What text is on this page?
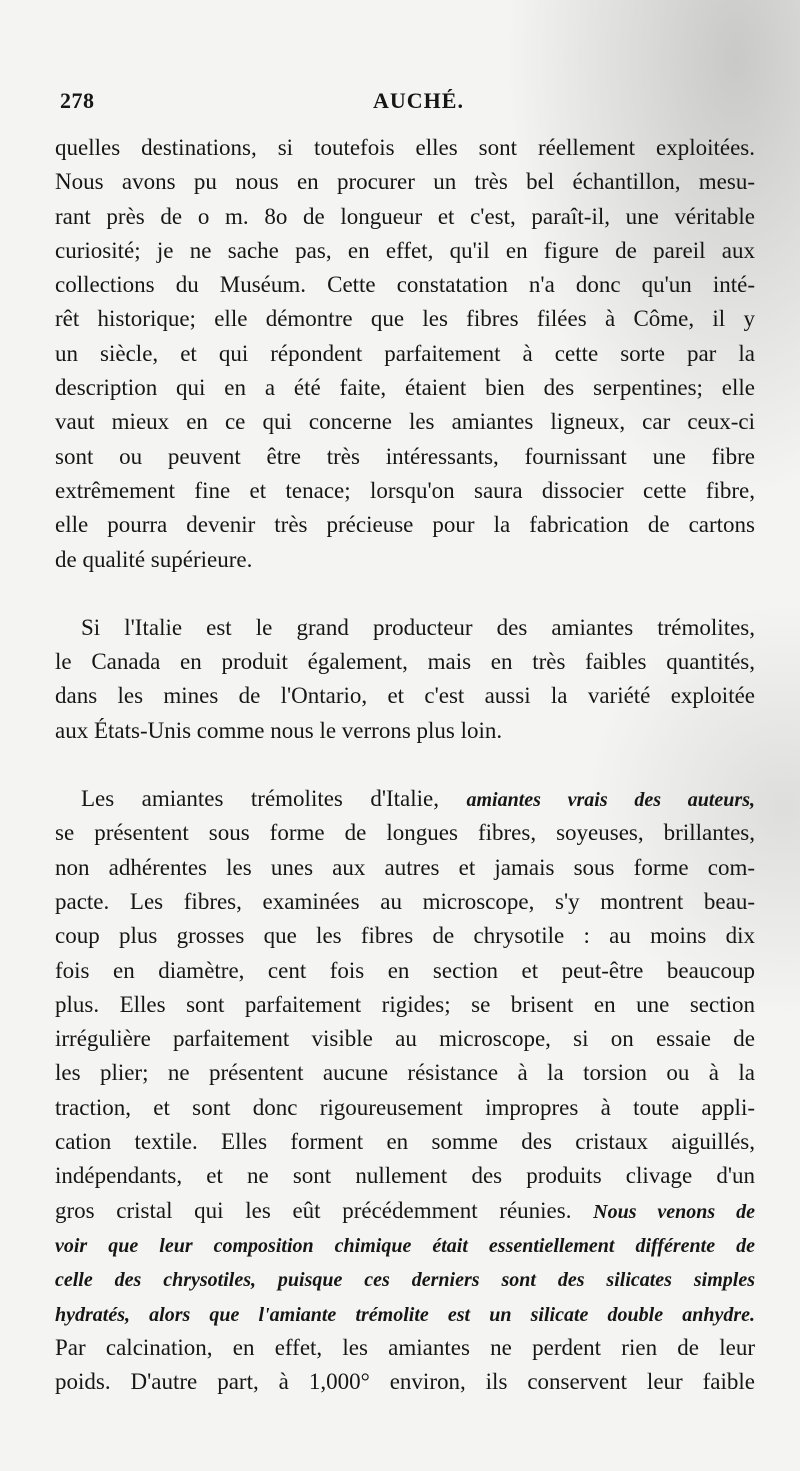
278	AUCHÉ.
quelles destinations, si toutefois elles sont réellement exploitées.
Nous avons pu nous en procurer un très bel échantillon, mesu-
rant près de o m. 8o de longueur et c'est, paraît-il, une véritable
curiosité; je ne sache pas, en effet, qu'il en figure de pareil aux
collections du Muséum. Cette constatation n'a donc qu'un inté-
rêt historique; elle démontre que les fibres filées à Côme, il y
un siècle, et qui répondent parfaitement à cette sorte par la
description qui en a été faite, étaient bien des serpentines; elle
vaut mieux en ce qui concerne les amiantes ligneux, car ceux-ci
sont ou peuvent être très intéressants, fournissant une fibre
extrêmement fine et tenace; lorsqu'on saura dissocier cette fibre,
elle pourra devenir très précieuse pour la fabrication de cartons
de qualité supérieure.
Si l'Italie est le grand producteur des amiantes trémolites,
le Canada en produit également, mais en très faibles quantités,
dans les mines de l'Ontario, et c'est aussi la variété exploitée
aux États-Unis comme nous le verrons plus loin.
Les amiantes trémolites d'Italie, amiantes vrais des auteurs,
se présentent sous forme de longues fibres, soyeuses, brillantes,
non adhérentes les unes aux autres et jamais sous forme com-
pacte. Les fibres, examinées au microscope, s'y montrent beau-
coup plus grosses que les fibres de chrysotile : au moins dix
fois en diamètre, cent fois en section et peut-être beaucoup
plus. Elles sont parfaitement rigides; se brisent en une section
irrégulière parfaitement visible au microscope, si on essaie de
les plier; ne présentent aucune résistance à la torsion ou à la
traction, et sont donc rigoureusement impropres à toute appli-
cation textile. Elles forment en somme des cristaux aiguillés,
indépendants, et ne sont nullement des produits clivage d'un
gros cristal qui les eût précédemment réunies. Nous venons de
voir que leur composition chimique était essentiellement différente de
celle des chrysotiles, puisque ces derniers sont des silicates simples
hydratés, alors que l'amiante trémolite est un silicate double anhydre.
Par calcination, en effet, les amiantes ne perdent rien de leur
poids. D'autre part, à 1,000° environ, ils conservent leur faible
